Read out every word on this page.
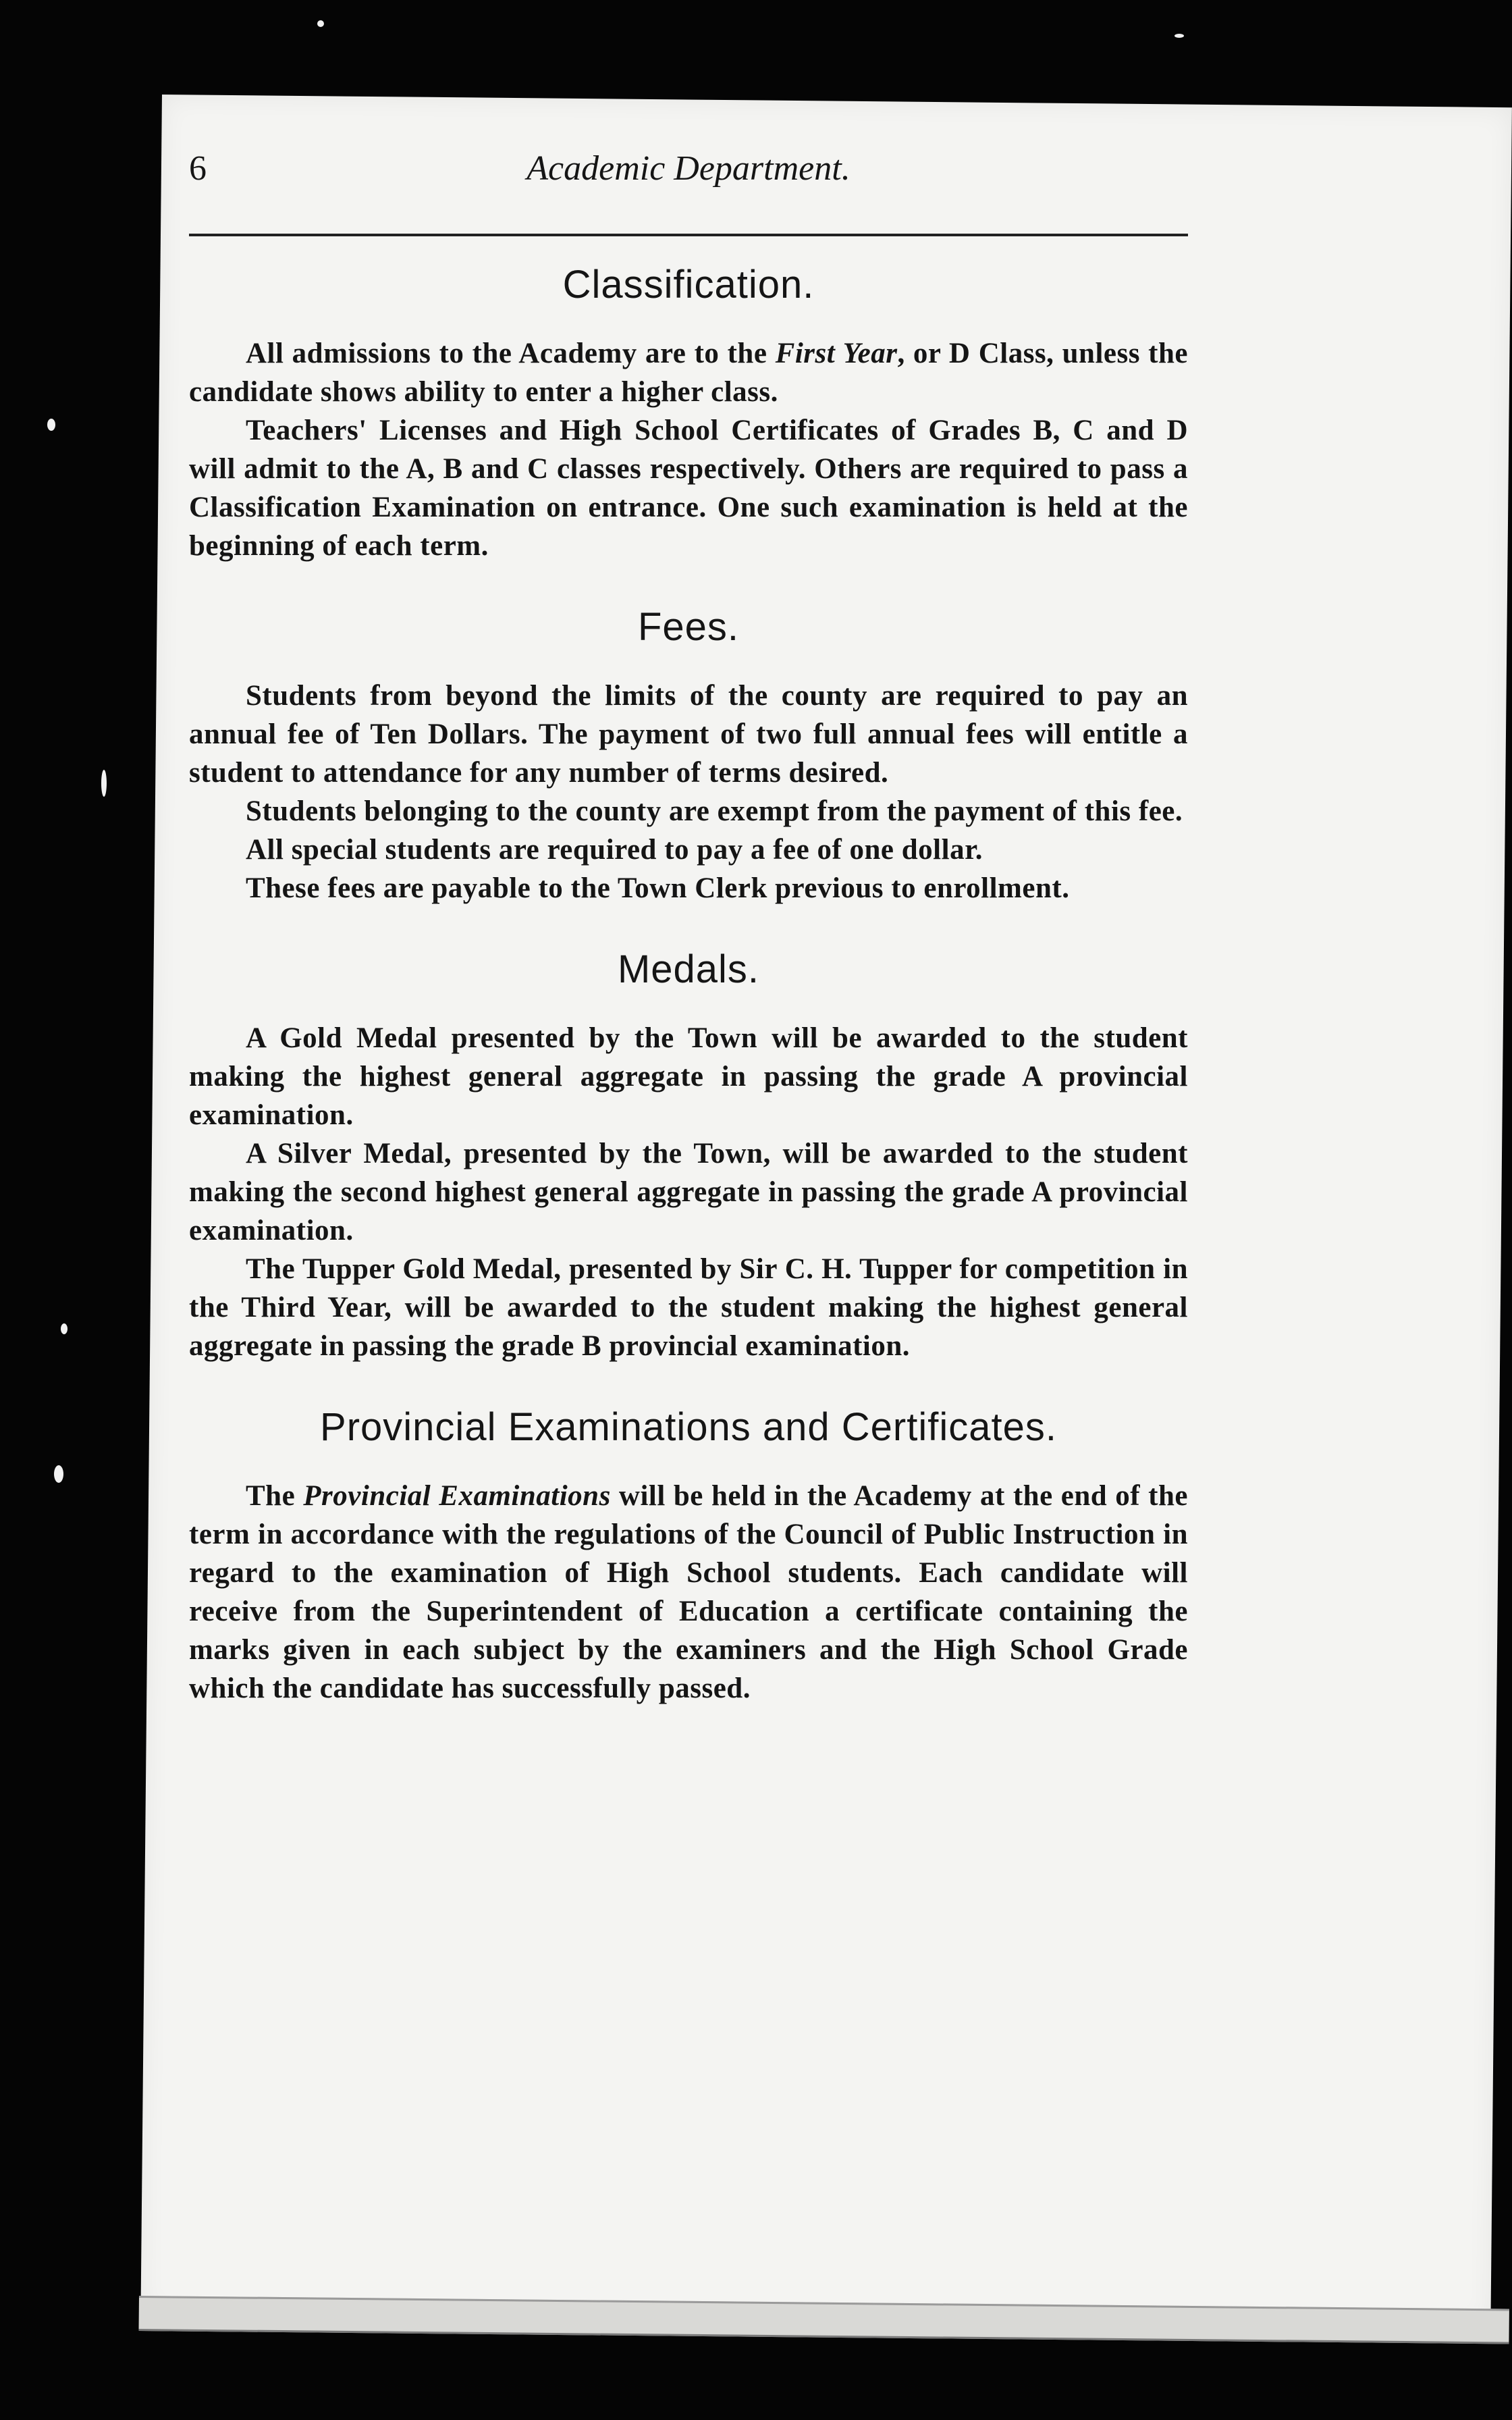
6	Academic Department.
Classification.

All admissions to the Academy are to the First Year, or D Class, unless the candidate shows ability to enter a higher class.

Teachers' Licenses and High School Certificates of Grades B, C and D will admit to the A, B and C classes respectively. Others are required to pass a Classification Examination on entrance. One such examination is held at the beginning of each term.

Fees.

Students from beyond the limits of the county are required to pay an annual fee of Ten Dollars. The payment of two full annual fees will entitle a student to attendance for any number of terms desired.

Students belonging to the county are exempt from the payment of this fee.

All special students are required to pay a fee of one dollar.

These fees are payable to the Town Clerk previous to enrollment.

Medals.

A Gold Medal presented by the Town will be awarded to the student making the highest general aggregate in passing the grade A provincial examination.

A Silver Medal, presented by the Town, will be awarded to the student making the second highest general aggregate in passing the grade A provincial examination.

The Tupper Gold Medal, presented by Sir C. H. Tupper for competition in the Third Year, will be awarded to the student making the highest general aggregate in passing the grade B provincial examination.

Provincial Examinations and Certificates.

The Provincial Examinations will be held in the Academy at the end of the term in accordance with the regulations of the Council of Public Instruction in regard to the examination of High School students. Each candidate will receive from the Superintendent of Education a certificate containing the marks given in each subject by the examiners and the High School Grade which the candidate has successfully passed.
